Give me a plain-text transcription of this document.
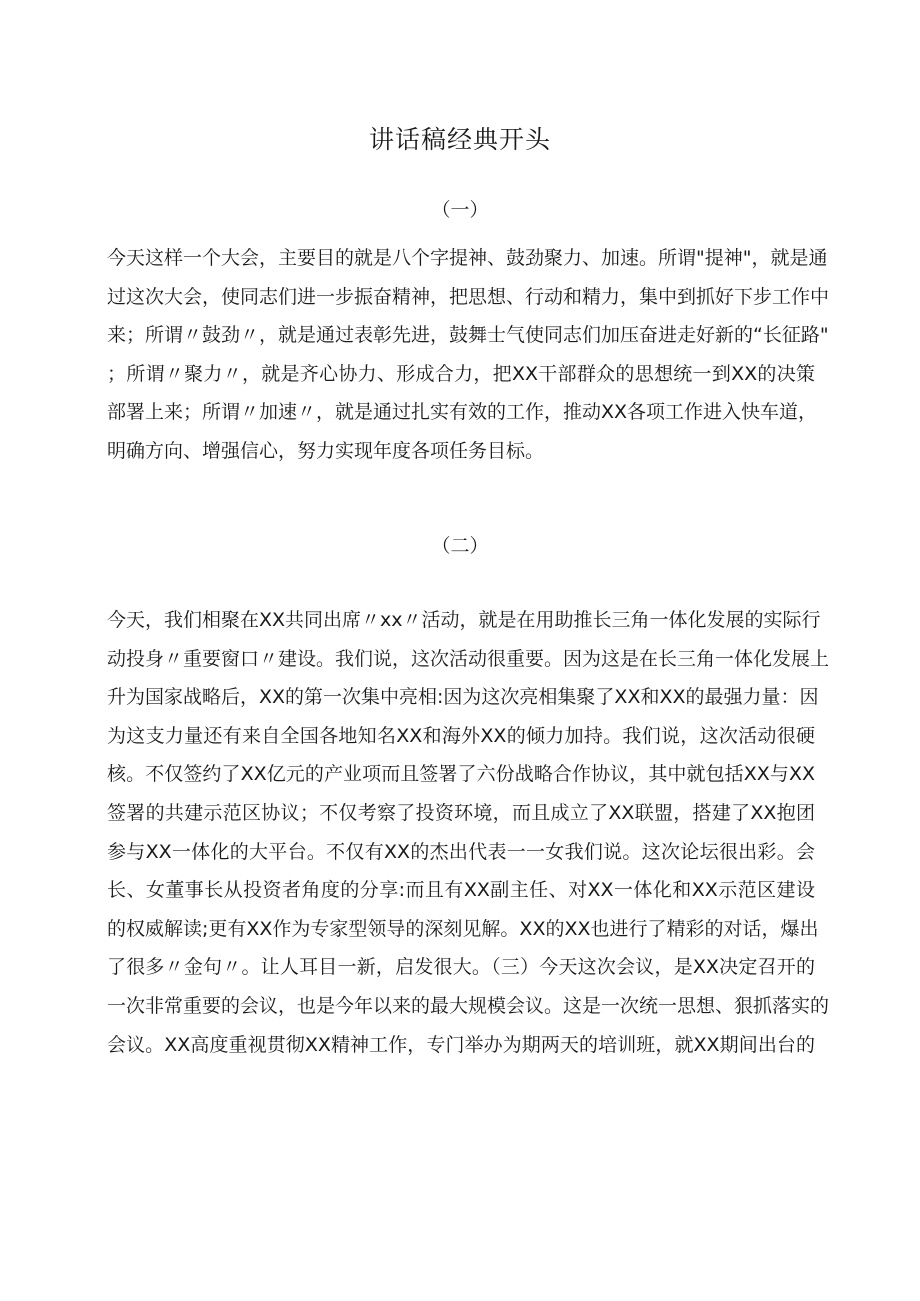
讲话稿经典开头
（一）
今天这样一个大会，主要目的就是八个字提神、鼓劲聚力、加速。所谓"提神"，就是通
过这次大会，使同志们进一步振奋精神，把思想、行动和精力，集中到抓好下步工作中
来；所谓〃鼓劲〃，就是通过表彰先进，鼓舞士气使同志们加压奋进走好新的“长征路"
；所谓〃聚力〃，就是齐心协力、形成合力，把XX干部群众的思想统一到XX的决策
部署上来；所谓〃加速〃，就是通过扎实有效的工作，推动XX各项工作进入快车道，
明确方向、增强信心，努力实现年度各项任务目标。
（二）
今天，我们相聚在XX共同出席〃xx〃活动，就是在用助推长三角一体化发展的实际行
动投身〃重要窗口〃建设。我们说，这次活动很重要。因为这是在长三角一体化发展上
升为国家战略后，XX的第一次集中亮相:因为这次亮相集聚了XX和XX的最强力量：因
为这支力量还有来自全国各地知名XX和海外XX的倾力加持。我们说，这次活动很硬
核。不仅签约了XX亿元的产业项而且签署了六份战略合作协议，其中就包括XX与XX
签署的共建示范区协议；不仅考察了投资环境，而且成立了XX联盟，搭建了XX抱团
参与XX一体化的大平台。不仅有XX的杰出代表一一女我们说。这次论坛很出彩。会
长、女董事长从投资者角度的分享:而且有XX副主任、对XX一体化和XX示范区建设
的权威解读;更有XX作为专家型领导的深刻见解。XX的XX也进行了精彩的对话，爆出
了很多〃金句〃。让人耳目一新，启发很大。（三）今天这次会议，是XX决定召开的
一次非常重要的会议，也是今年以来的最大规模会议。这是一次统一思想、狠抓落实的
会议。XX高度重视贯彻XX精神工作，专门举办为期两天的培训班，就XX期间出台的
